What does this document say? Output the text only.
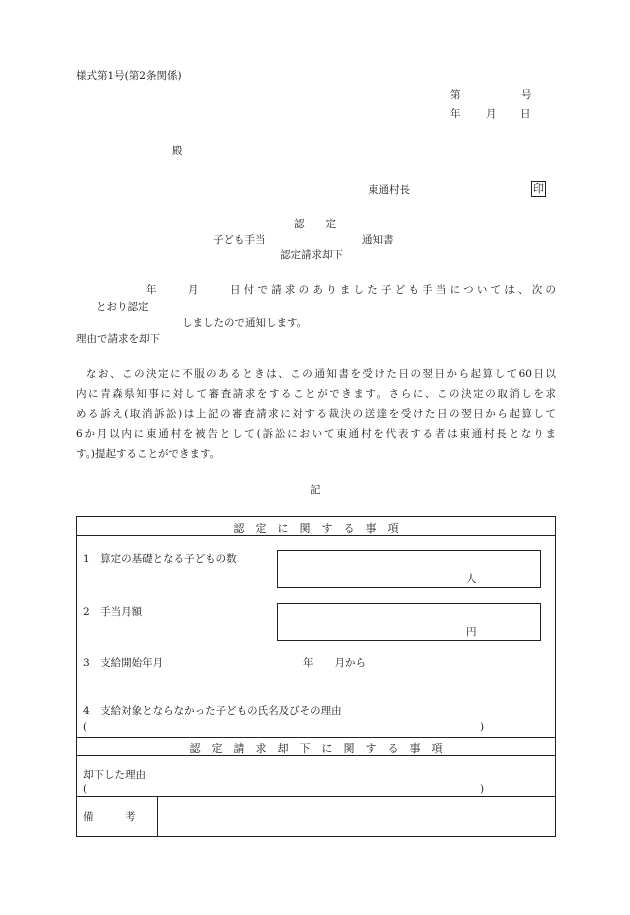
様式第1号(第2条関係)
第	号
年 月 日
殿
東通村長	印
認　　定
子ども手当	通知書
認定請求却下
年	月	日付で請求のありました子ども手当については、次の
とおり認定
しましたので通知します。
理由で請求を却下
なお、この決定に不服のあるときは、この通知書を受けた日の翌日から起算して60日以
内に青森県知事に対して審査請求をすることができます。さらに、この決定の取消しを求
める訴え(取消訴訟)は上記の審査請求に対する裁決の送達を受けた日の翌日から起算して
6か月以内に東通村を被告として(訴訟において東通村を代表する者は東通村長となりま
す。)提起することができます。
記
認　定　に　関　す　る　事　項
1　算定の基礎となる子どもの数
人
2　手当月額
円
3　支給開始年月	年　　月から
4　支給対象とならなかった子どもの氏名及びその理由
(	)
認　定　請　求　却　下　に　関　す　る　事　項
却下した理由
(	)
備　　　考
